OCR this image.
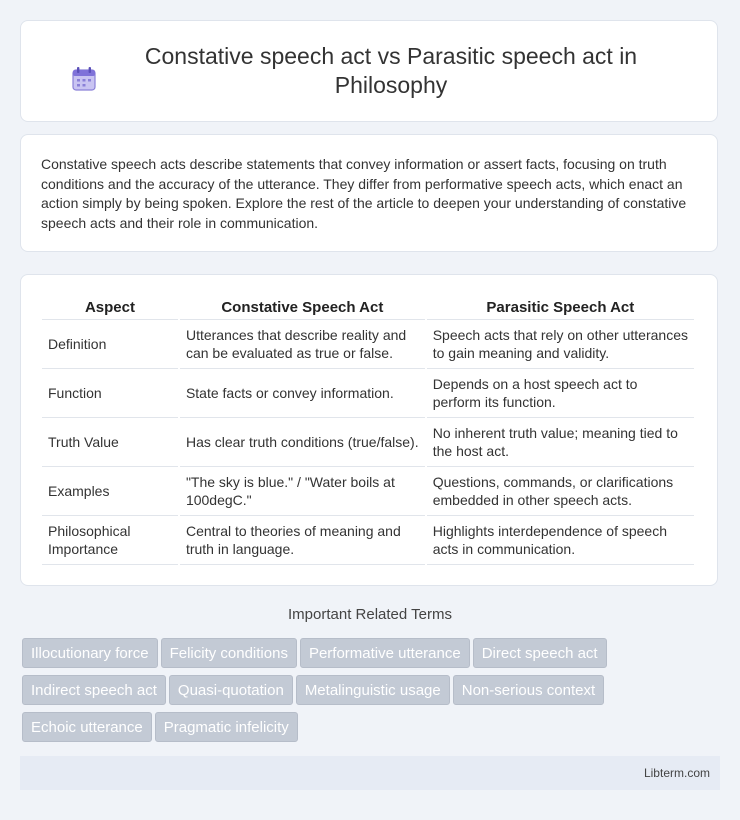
Constative speech act vs Parasitic speech act in Philosophy

Constative speech acts describe statements that convey information or assert facts, focusing on truth conditions and the accuracy of the utterance. They differ from performative speech acts, which enact an action simply by being spoken. Explore the rest of the article to deepen your understanding of constative speech acts and their role in communication.

Aspect	Constative Speech Act	Parasitic Speech Act
Definition	Utterances that describe reality and can be evaluated as true or false.	Speech acts that rely on other utterances to gain meaning and validity.
Function	State facts or convey information.	Depends on a host speech act to perform its function.
Truth Value	Has clear truth conditions (true/false).	No inherent truth value; meaning tied to the host act.
Examples	"The sky is blue." / "Water boils at 100degC."	Questions, commands, or clarifications embedded in other speech acts.
Philosophical Importance	Central to theories of meaning and truth in language.	Highlights interdependence of speech acts in communication.
Important Related Terms
Illocutionary force Felicity conditions Performative utterance Direct speech act
Indirect speech act Quasi-quotation Metalinguistic usage Non-serious context
Echoic utterance Pragmatic infelicity
Libterm.com
